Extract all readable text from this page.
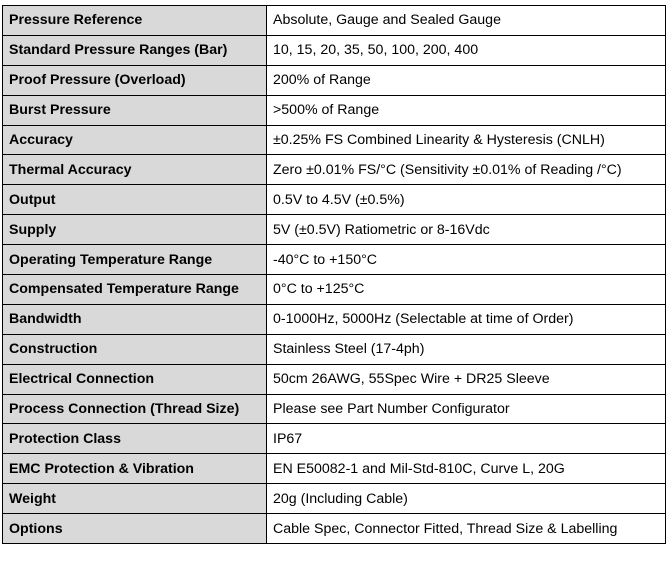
Pressure Reference	Absolute, Gauge and Sealed Gauge
Standard Pressure Ranges (Bar)	10, 15, 20, 35, 50, 100, 200, 400
Proof Pressure (Overload)	200% of Range
Burst Pressure	>500% of Range
Accuracy	±0.25% FS Combined Linearity & Hysteresis (CNLH)
Thermal Accuracy	Zero ±0.01% FS/°C (Sensitivity ±0.01% of Reading /°C)
Output	0.5V to 4.5V (±0.5%)
Supply	5V (±0.5V) Ratiometric or 8-16Vdc
Operating Temperature Range	-40°C to +150°C
Compensated Temperature Range	0°C to +125°C
Bandwidth	0-1000Hz, 5000Hz (Selectable at time of Order)
Construction	Stainless Steel (17-4ph)
Electrical Connection	50cm 26AWG, 55Spec Wire + DR25 Sleeve
Process Connection (Thread Size)	Please see Part Number Configurator
Protection Class	IP67
EMC Protection & Vibration	EN E50082-1 and Mil-Std-810C, Curve L, 20G
Weight	20g (Including Cable)
Options	Cable Spec, Connector Fitted, Thread Size & Labelling
